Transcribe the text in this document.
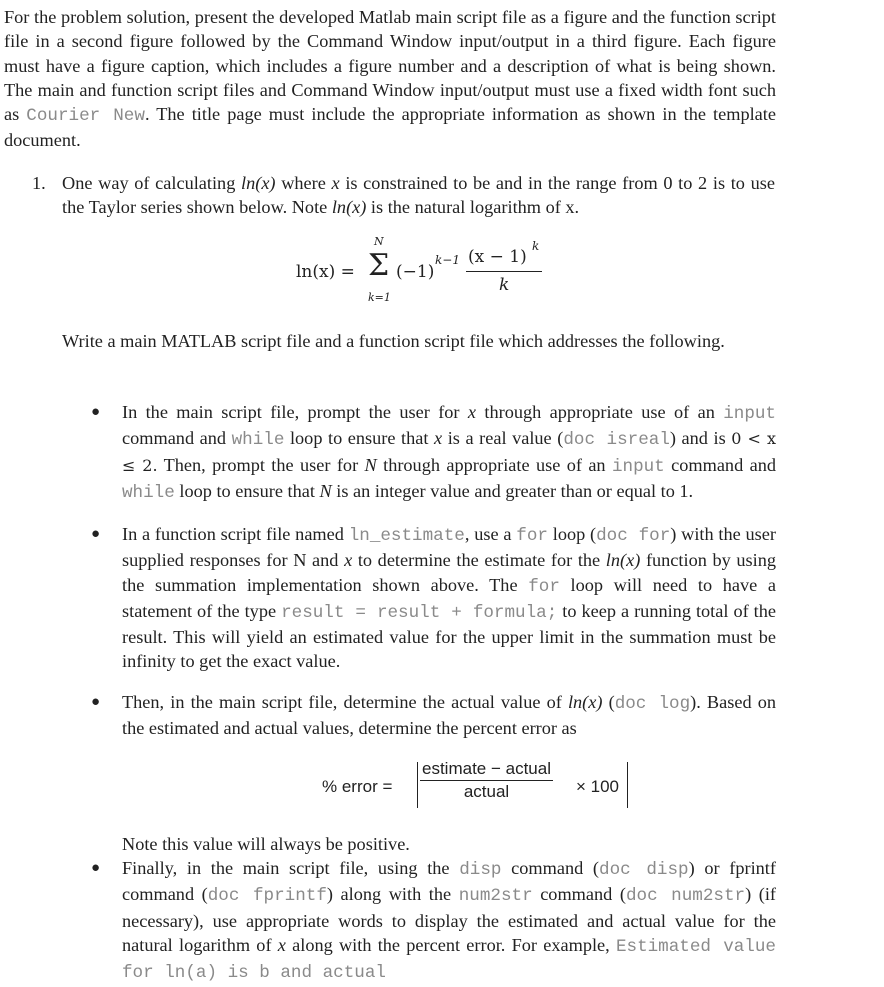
For the problem solution, present the developed Matlab main script file as a figure and the function script file in a second figure followed by the Command Window input/output in a third figure. Each figure must have a figure caption, which includes a figure number and a description of what is being shown. The main and function script files and Command Window input/output must use a fixed width font such as Courier New. The title page must include the appropriate information as shown in the template document.
1. One way of calculating ln(x) where x is constrained to be and in the range from 0 to 2 is to use the Taylor series shown below. Note ln(x) is the natural logarithm of x.
ln(x) =
N
Σ
k=1
(−1)
k−1 (x − 1)
k
k
Write a main MATLAB script file and a function script file which addresses the following.
● In the main script file, prompt the user for x through appropriate use of an input command and while loop to ensure that x is a real value (doc isreal) and is 0 < x ≤ 2. Then, prompt the user for N through appropriate use of an input command and while loop to ensure that N is an integer value and greater than or equal to 1.
● In a function script file named ln_estimate, use a for loop (doc for) with the user supplied responses for N and x to determine the estimate for the ln(x) function by using the summation implementation shown above. The for loop will need to have a statement of the type result = result + formula; to keep a running total of the result. This will yield an estimated value for the upper limit in the summation must be infinity to get the exact value.
● Then, in the main script file, determine the actual value of ln(x) (doc log). Based on the estimated and actual values, determine the percent error as
% error =
estimate − actual
actual	× 100
Note this value will always be positive.
● Finally, in the main script file, using the disp command (doc disp) or fprintf command (doc fprintf) along with the num2str command (doc num2str) (if necessary), use appropriate words to display the estimated and actual value for the natural logarithm of x along with the percent error. For example, Estimated value for ln(a) is b and actual
